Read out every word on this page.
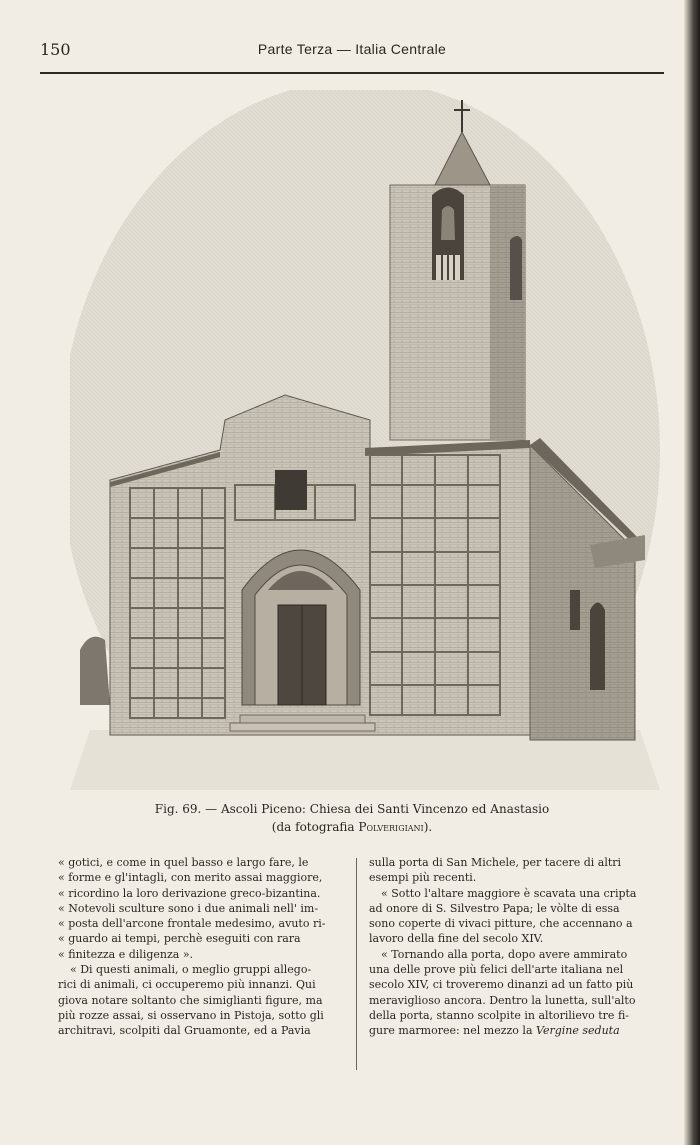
150	Parte Terza — Italia Centrale
Fig. 69. — Ascoli Piceno: Chiesa dei Santi Vincenzo ed Anastasio
(da fotografia Polverigiani).

« gotici, e come in quel basso e largo fare, le
« forme e gl'intagli, con merito assai maggiore,
« ricordino la loro derivazione greco-bizantina.
« Notevoli sculture sono i due animali nell' im-
« posta dell'arcone frontale medesimo, avuto ri-
« guardo ai tempi, perchè eseguiti con rara
« finitezza e diligenza ».

« Di questi animali, o meglio gruppi allego-
rici di animali, ci occuperemo più innanzi. Qui
giova notare soltanto che simiglianti figure, ma
più rozze assai, si osservano in Pistoja, sotto gli
architravi, scolpiti dal Gruamonte, ed a Pavia

sulla porta di San Michele, per tacere di altri
esempi più recenti.

« Sotto l'altare maggiore è scavata una cripta
ad onore di S. Silvestro Papa; le vòlte di essa
sono coperte di vivaci pitture, che accennano a
lavoro della fine del secolo XIV.

« Tornando alla porta, dopo avere ammirato
una delle prove più felici dell'arte italiana nel
secolo XIV, ci troveremo dinanzi ad un fatto più
meraviglioso ancora. Dentro la lunetta, sull'alto
della porta, stanno scolpite in altorilievo tre fi-
gure marmoree: nel mezzo la Vergine seduta
